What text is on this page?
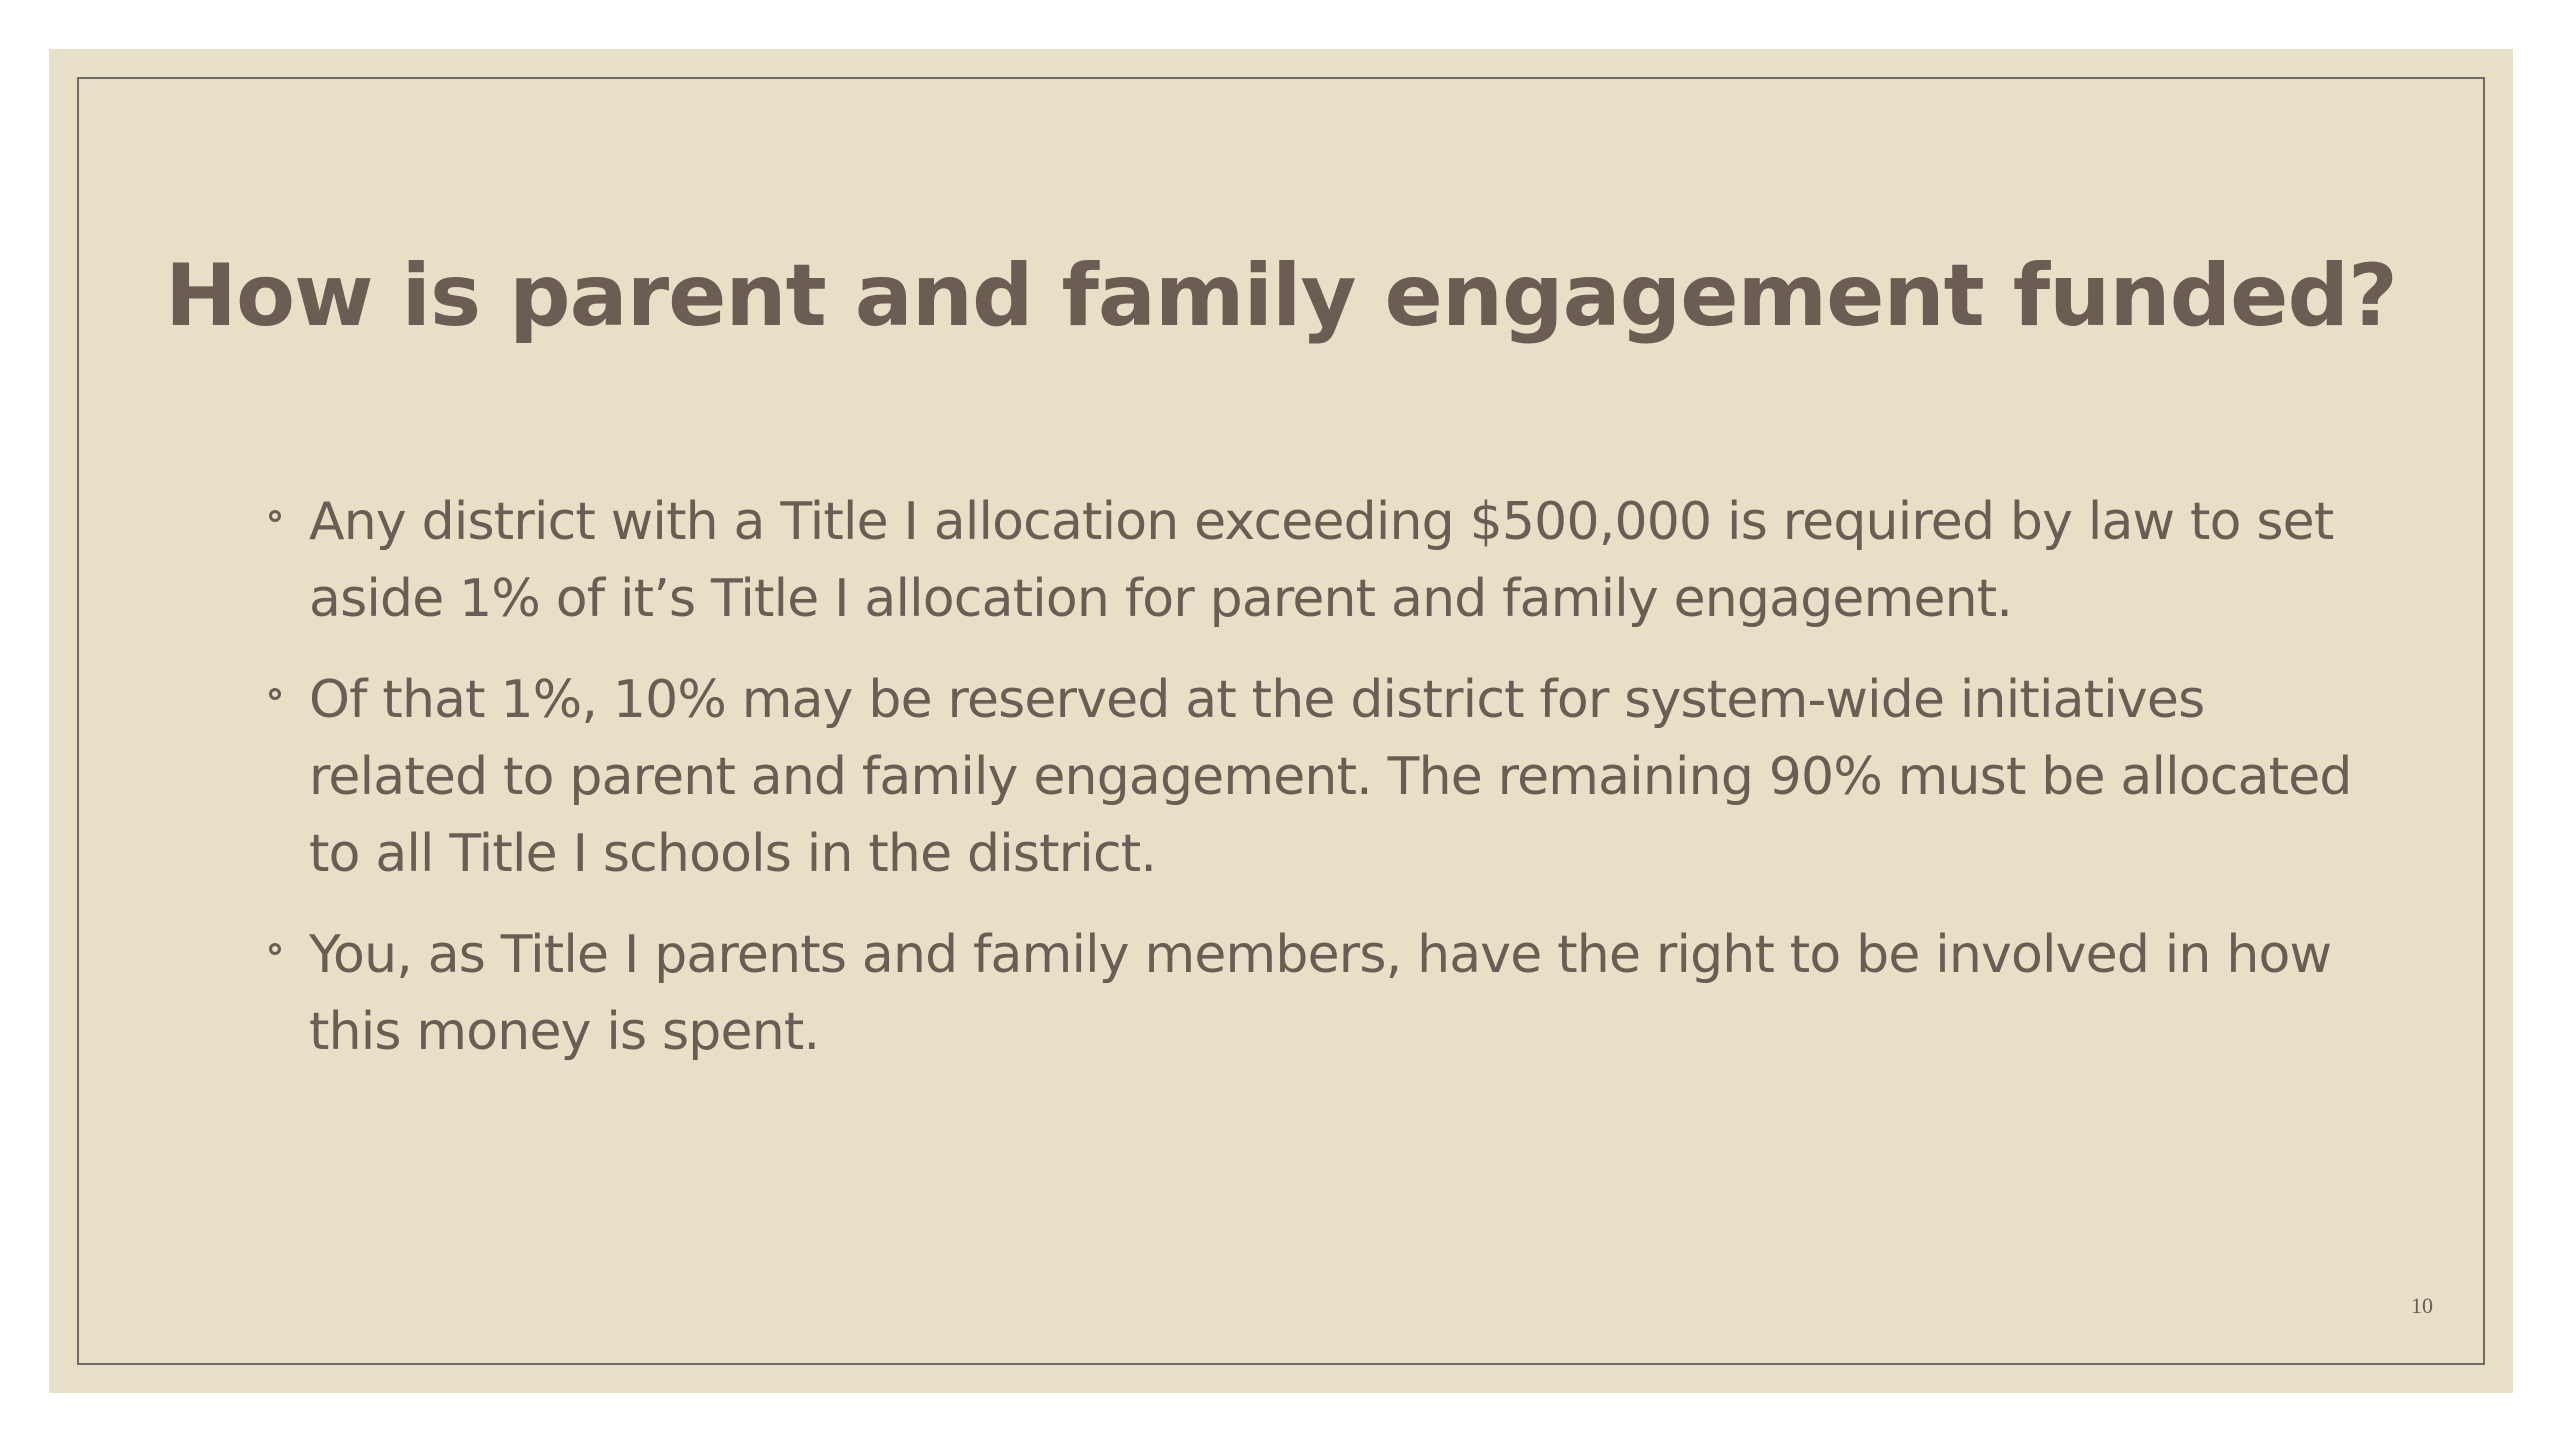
How is parent and family engagement funded?
Any district with a Title I allocation exceeding $500,000 is required by law to set aside 1% of it’s Title I allocation for parent and family engagement.
Of that 1%, 10% may be reserved at the district for system-wide initiatives related to parent and family engagement. The remaining 90% must be allocated to all Title I schools in the district.
You, as Title I parents and family members, have the right to be involved in how this money is spent.
10
